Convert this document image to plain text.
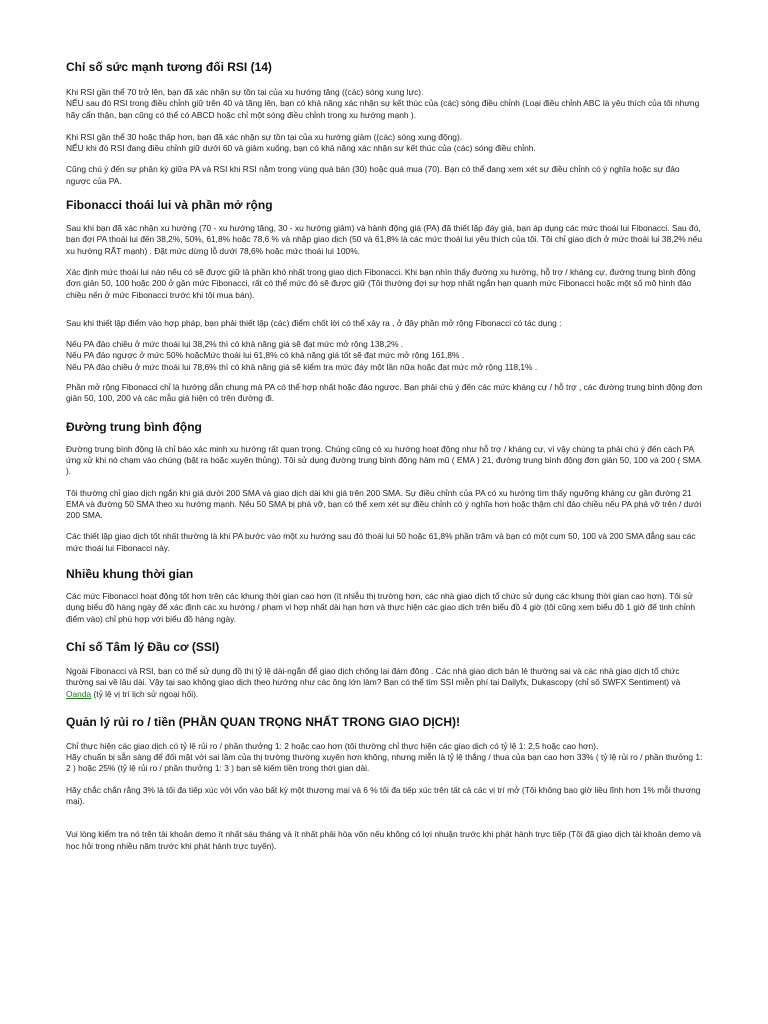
Chỉ số sức mạnh tương đối RSI (14)

Khi RSI gần thể 70 trở lên, bạn đã xác nhận sự tồn tại của xu hướng tăng ((các) sóng xung lực).
NẾU sau đó RSI trong điều chỉnh giữ trên 40 và tăng lên, bạn có khả năng xác nhận sự kết thúc của (các) sóng điều chỉnh (Loại điều chỉnh ABC là yêu thích của tôi nhưng hãy cẩn thận, bạn cũng có thể có ABCD hoặc chỉ một sóng điều chỉnh trong xu hướng mạnh ).

Khi RSI gần thể 30 hoặc thấp hơn, bạn đã xác nhận sự tồn tại của xu hướng giảm ((các) sóng xung động).
NẾU khi đó RSI đang điều chỉnh giữ dưới 60 và giảm xuống, bạn có khả năng xác nhận sự kết thúc của (các) sóng điều chỉnh.

Cũng chú ý đến sự phân kỳ giữa PA và RSI khi RSI nằm trong vùng quá bán (30) hoặc quá mua (70). Bạn có thể đang xem xét sự điều chỉnh có ý nghĩa hoặc sự đảo ngược của PA.

Fibonacci thoái lui và phần mở rộng

Sau khi bạn đã xác nhận xu hướng (70 - xu hướng tăng, 30 - xu hướng giảm) và hành động giá (PA) đã thiết lập đáy giá, bạn áp dụng các mức thoái lui Fibonacci. Sau đó, bạn đợi PA thoái lui đến 38,2%, 50%, 61,8% hoặc 78,6 % và nhập giao dịch (50 và 61,8% là các mức thoái lui yêu thích của tôi. Tôi chỉ giao dịch ở mức thoái lui 38,2% nếu xu hướng RẤT mạnh) . Đặt mức dừng lỗ dưới 78,6% hoặc mức thoái lui 100%.

Xác định mức thoái lui nào nếu có sẽ được giữ là phần khó nhất trong giao dịch Fibonacci. Khi bạn nhìn thấy đường xu hướng, hỗ trợ / kháng cự, đường trung bình động đơn giản 50, 100 hoặc 200 ở gần mức Fibonacci, rất có thể mức đó sẽ được giữ (Tôi thường đợi sự hợp nhất ngắn hạn quanh mức Fibonacci hoặc một số mô hình đảo chiều nến ở mức Fibonacci trước khi tôi mua bán).

Sau khi thiết lập điểm vào hợp pháp, bạn phải thiết lập (các) điểm chốt lời có thể xảy ra , ở đây phần mở rộng Fibonacci có tác dụng :

Nếu PA đảo chiều ở mức thoái lui 38,2% thì có khả năng giá sẽ đạt mức mở rộng 138,2% .
Nếu PA đảo ngược ở mức 50% hoặcMức thoái lui 61,8% có khả năng giá tốt sẽ đạt mức mở rộng 161,8% .
Nếu PA đảo chiều ở mức thoái lui 78,6% thì có khả năng giá sẽ kiểm tra mức đáy một lần nữa hoặc đạt mức mở rộng 118,1% .

Phần mở rộng Fibonacci chỉ là hướng dẫn chung mà PA có thể hợp nhất hoặc đảo ngược. Bạn phải chú ý đến các mức kháng cự / hỗ trợ , các đường trung bình động đơn giản 50, 100, 200 và các mẫu giá hiện có trên đường đi.

Đường trung bình động

Đường trung bình động là chỉ báo xác minh xu hướng rất quan trọng. Chúng cũng có xu hướng hoạt động như hỗ trợ / kháng cự, vì vậy chúng ta phải chú ý đến cách PA ứng xử khi nó chạm vào chúng (bật ra hoặc xuyên thủng). Tôi sử dụng đường trung bình động hàm mũ ( EMA ) 21, đường trung bình động đơn giản 50, 100 và 200 ( SMA ).

Tôi thường chỉ giao dịch ngắn khi giá dưới 200 SMA và giao dịch dài khi giá trên 200 SMA. Sự điều chỉnh của PA có xu hướng tìm thấy ngưỡng kháng cự gần đường 21 EMA và đường 50 SMA theo xu hướng mạnh. Nếu 50 SMA bị phá vỡ, bạn có thể xem xét sự điều chỉnh có ý nghĩa hơn hoặc thậm chí đảo chiều nếu PA phá vỡ trên / dưới 200 SMA.

Các thiết lập giao dịch tốt nhất thường là khi PA bước vào một xu hướng sau đó thoái lui 50 hoặc 61,8% phần trăm và bạn có một cụm 50, 100 và 200 SMA đẳng sau các mức thoái lui Fibonacci này.

Nhiều khung thời gian

Các mức Fibonacci hoạt động tốt hơn trên các khung thời gian cao hơn (ít nhiễu thị trường hơn, các nhà giao dịch tổ chức sử dụng các khung thời gian cao hơn). Tôi sử dụng biểu đồ hàng ngày để xác định các xu hướng / phạm vi hợp nhất dài hạn hơn và thực hiện các giao dịch trên biểu đồ 4 giờ (tôi cũng xem biểu đồ 1 giờ để tinh chỉnh điểm vào) chỉ phù hợp với biểu đồ hàng ngày.

Chỉ số Tâm lý Đầu cơ (SSI)

Ngoài Fibonacci và RSI, bạn có thể sử dụng đồ thị tỷ lệ dài-ngắn để giao dịch chống lại đám đông . Các nhà giao dịch bán lẻ thường sai và các nhà giao dịch tổ chức thường sai về lâu dài. Vậy tại sao không giao dịch theo hướng như các ông lớn làm? Bạn có thể tìm SSI miễn phí tại Dailyfx, Dukascopy (chỉ số SWFX Sentiment) và Oanda (tỷ lệ vị trí lịch sử ngoại hối).

Quản lý rủi ro / tiền (PHẦN QUAN TRỌNG NHẤT TRONG GIAO DỊCH)!

Chỉ thực hiện các giao dịch có tỷ lệ rủi ro / phần thưởng 1: 2 hoặc cao hơn (tôi thường chỉ thực hiện các giao dịch có tỷ lệ 1: 2,5 hoặc cao hơn).
Hãy chuẩn bị sẵn sàng để đối mặt với sai lầm của thị trường thường xuyên hơn không, nhưng miễn là tỷ lệ thắng / thua của bạn cao hơn 33% ( tỷ lệ rủi ro / phần thưởng 1: 2 ) hoặc 25% (tỷ lệ rủi ro / phần thưởng 1: 3 ) bạn sẽ kiếm tiền trong thời gian dài.

Hãy chắc chắn rằng 3% là tối đa tiếp xúc với vốn vào bất kỳ một thương mại và 6 % tối đa tiếp xúc trên tất cả các vị trí mở (Tôi không bao giờ liều lĩnh hơn 1% mỗi thương mại).

Vui lòng kiểm tra nó trên tài khoản demo ít nhất sáu tháng và ít nhất phải hòa vốn nếu không có lợi nhuận trước khi phát hành trực tiếp (Tôi đã giao dịch tài khoản demo và học hỏi trong nhiều năm trước khi phát hành trực tuyến).
